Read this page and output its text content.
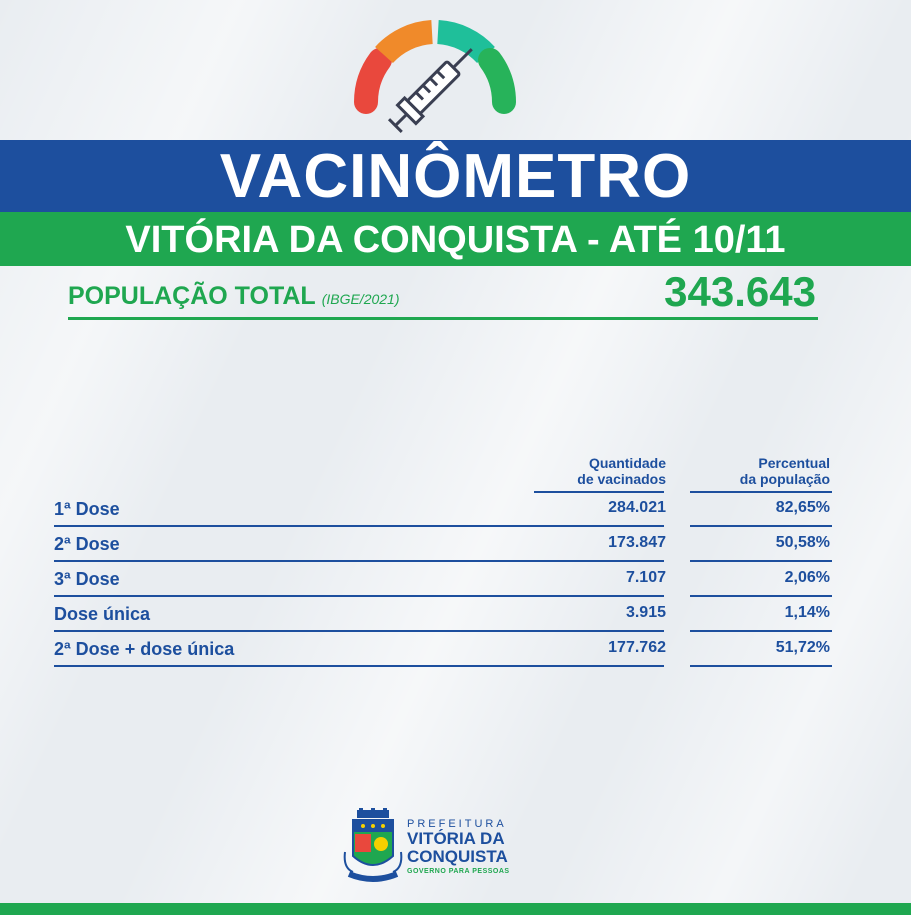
VACINÔMETRO
VITÓRIA DA CONQUISTA - ATÉ 10/11
POPULAÇÃO TOTAL (IBGE/2021)	343.643
Quantidade
de vacinados
Percentual
da população
1ª Dose	284.021	82,65%
2ª Dose	173.847	50,58%
3ª Dose	7.107	2,06%
Dose única	3.915	1,14%
2ª Dose + dose única	177.762	51,72%
PREFEITURA
VITÓRIA DA
CONQUISTA
GOVERNO PARA PESSOAS
